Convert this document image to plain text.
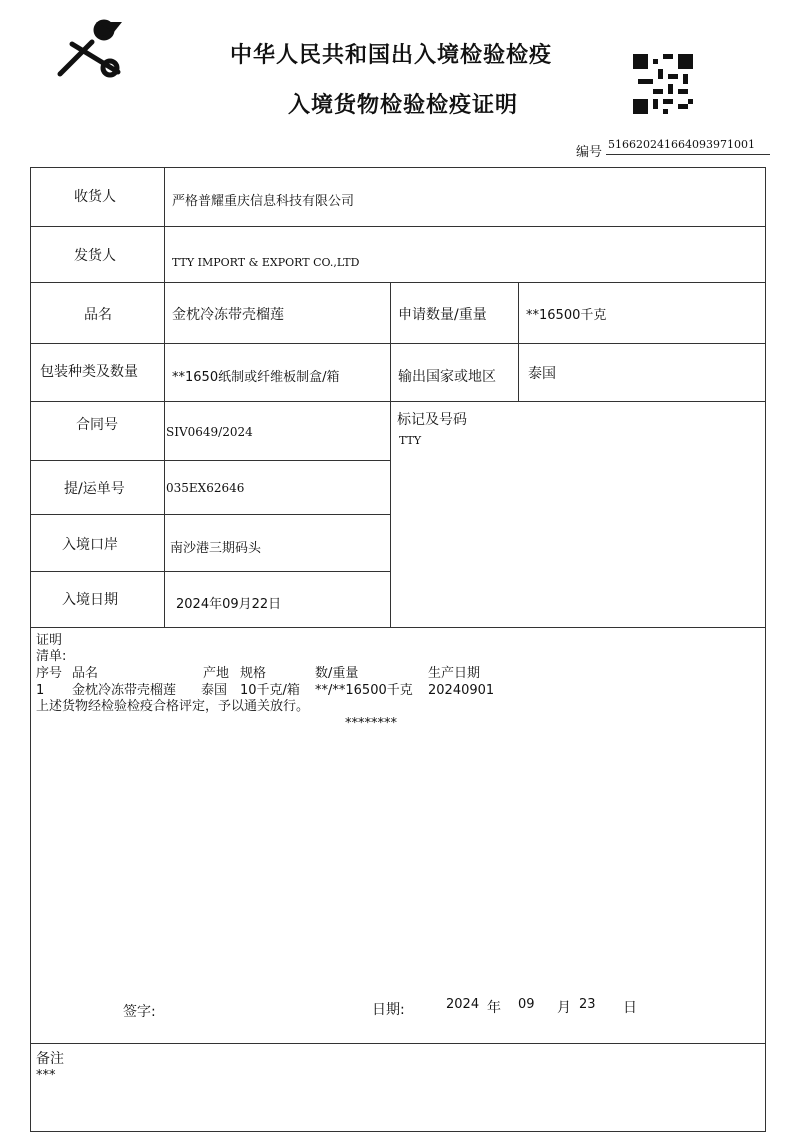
中华人民共和国出入境检验检疫
入境货物检验检疫证明
编号
516620241664093971001
收货人	严格普耀重庆信息科技有限公司
发货人	TTY IMPORT & EXPORT CO.,LTD
品名	金枕冷冻带壳榴莲	申请数量/重量	**16500千克
包装种类及数量	**1650纸制或纤维板制盒/箱	输出国家或地区 泰国
合同号	SIV0649/2024
标记及号码
TTY
提/运单号	035EX62646
入境口岸	南沙港三期码头
入境日期	2024年09月22日
证明
清单:
序号 品名	产地 规格	数/重量	生产日期
1 金枕冷冻带壳榴莲 泰国 10千克/箱 **/**16500千克 20240901
上述货物经检验检疫合格评定，予以通关放行。
********
签字:	日期:	2024 年 09 月 23 日
备注
***
